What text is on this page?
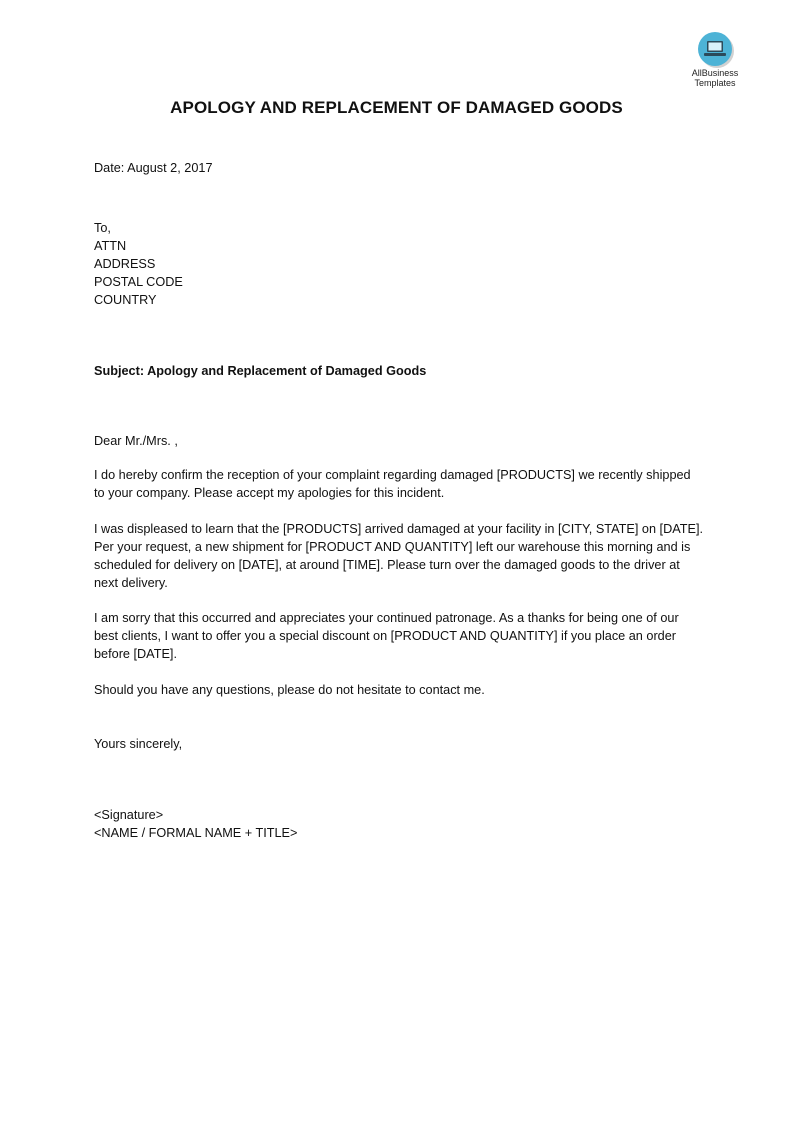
AllBusiness
Templates
APOLOGY AND REPLACEMENT OF DAMAGED GOODS

Date: August 2, 2017

To,
ATTN
ADDRESS
POSTAL CODE
COUNTRY

Subject: Apology and Replacement of Damaged Goods

Dear Mr./Mrs. ,

I do hereby confirm the reception of your complaint regarding damaged [PRODUCTS] we recently shipped to your company. Please accept my apologies for this incident.

I was displeased to learn that the [PRODUCTS] arrived damaged at your facility in [CITY, STATE] on [DATE]. Per your request, a new shipment for [PRODUCT AND QUANTITY] left our warehouse this morning and is scheduled for delivery on [DATE], at around [TIME]. Please turn over the damaged goods to the driver at next delivery.

I am sorry that this occurred and appreciates your continued patronage. As a thanks for being one of our best clients, I want to offer you a special discount on [PRODUCT AND QUANTITY] if you place an order before [DATE].

Should you have any questions, please do not hesitate to contact me.

Yours sincerely,

<Signature>

<NAME / FORMAL NAME + TITLE>
